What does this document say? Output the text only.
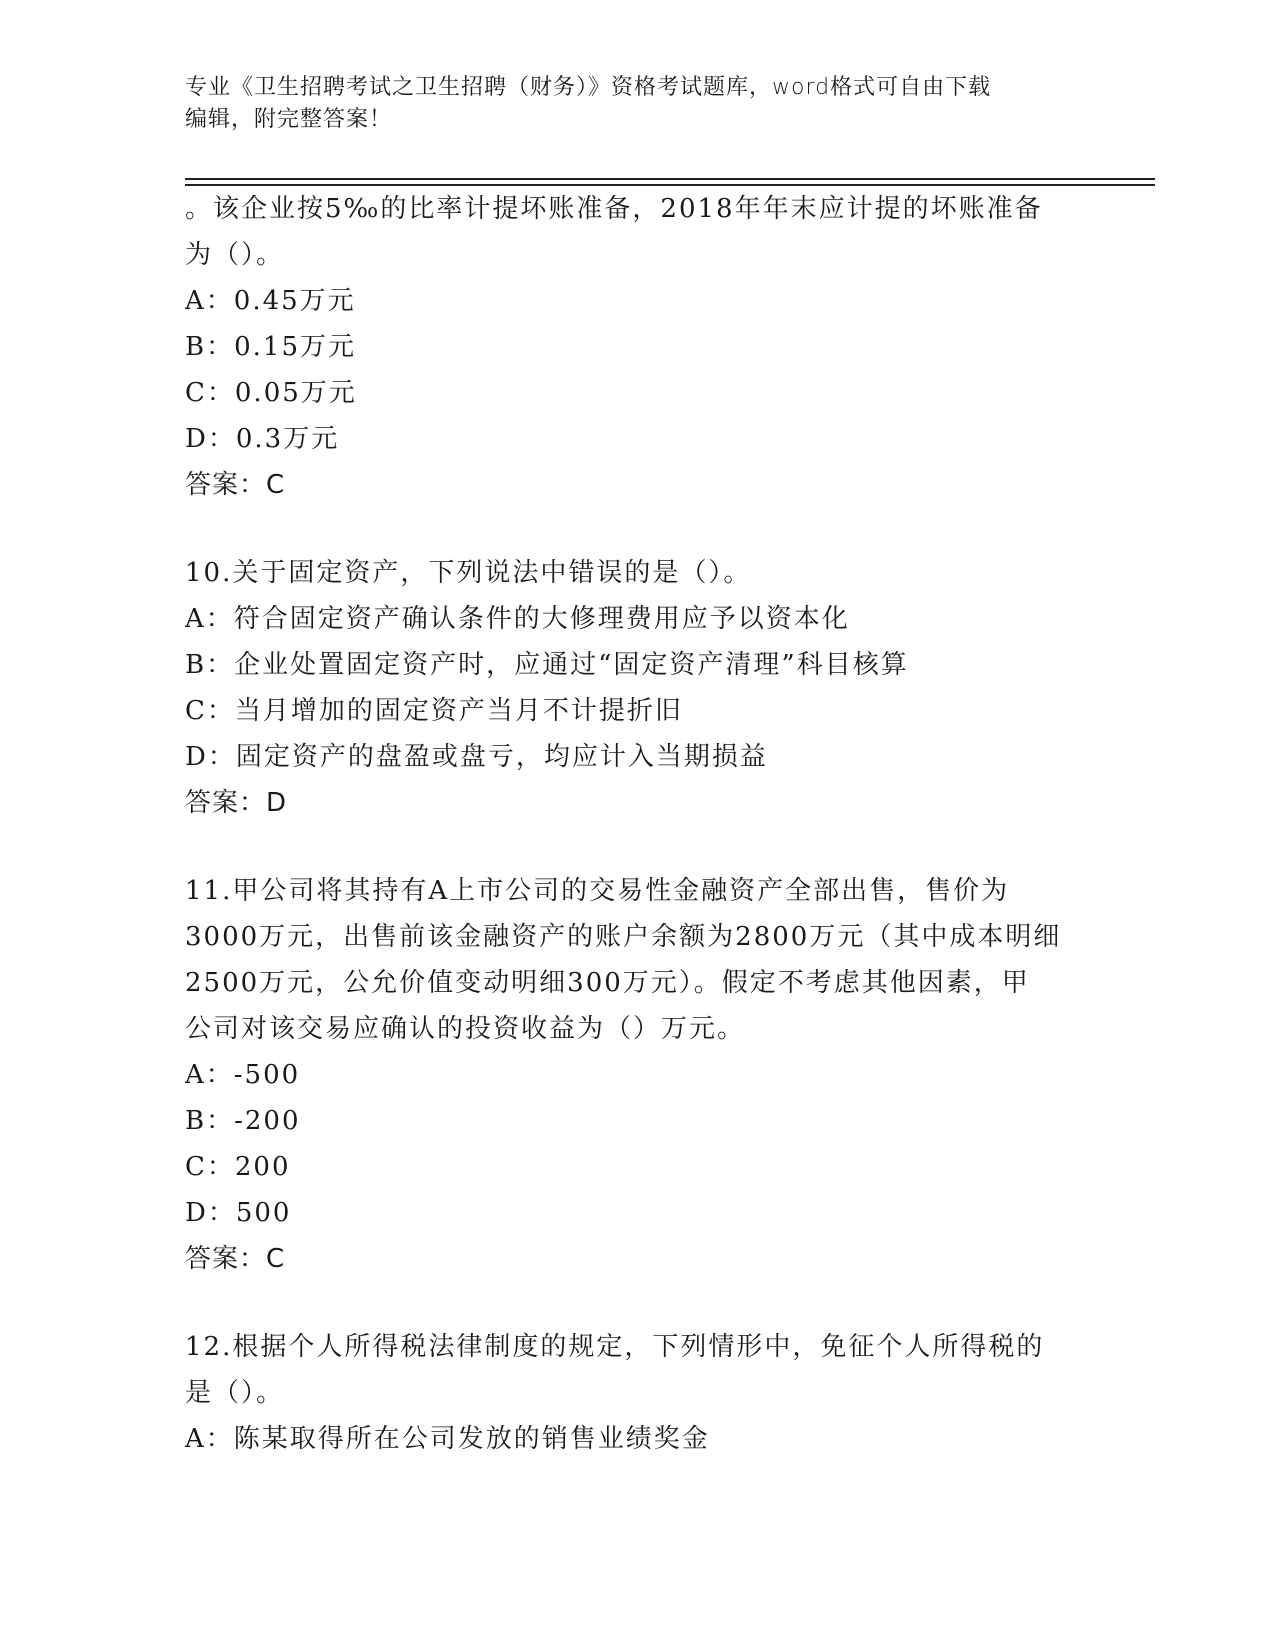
专业《卫生招聘考试之卫生招聘（财务）》资格考试题库，word格式可自由下载
编辑，附完整答案！
。该企业按5‰的比率计提坏账准备，2018年年末应计提的坏账准备
为（）。
A：0.45万元
B：0.15万元
C：0.05万元
D：0.3万元
答案：C
10.关于固定资产，下列说法中错误的是（）。
A：符合固定资产确认条件的大修理费用应予以资本化
B：企业处置固定资产时，应通过“固定资产清理”科目核算
C：当月增加的固定资产当月不计提折旧
D：固定资产的盘盈或盘亏，均应计入当期损益
答案：D
11.甲公司将其持有A上市公司的交易性金融资产全部出售，售价为
3000万元，出售前该金融资产的账户余额为2800万元（其中成本明细
2500万元，公允价值变动明细300万元）。假定不考虑其他因素，甲
公司对该交易应确认的投资收益为（）万元。
A：-500
B：-200
C：200
D：500
答案：C
12.根据个人所得税法律制度的规定，下列情形中，免征个人所得税的
是（）。
A：陈某取得所在公司发放的销售业绩奖金
